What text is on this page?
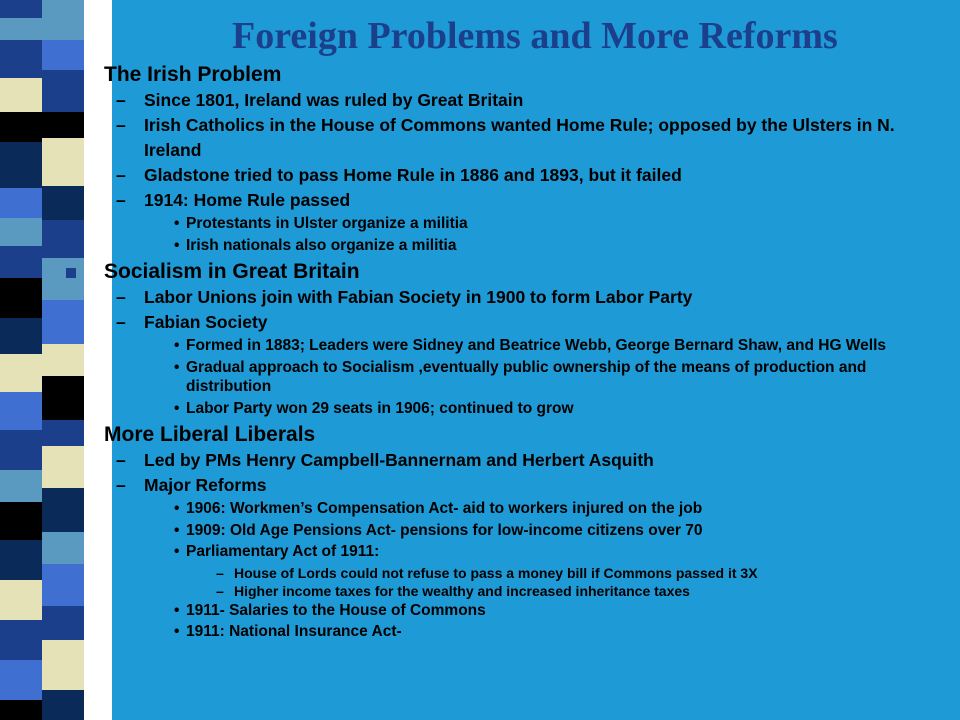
Foreign Problems and More Reforms
The Irish Problem
– Since 1801, Ireland was ruled by Great Britain
– Irish Catholics in the House of Commons wanted Home Rule; opposed by the Ulsters in N. Ireland
– Gladstone tried to pass Home Rule in 1886 and 1893, but it failed
– 1914: Home Rule passed
• Protestants in Ulster organize a militia
• Irish nationals also organize a militia
Socialism in Great Britain
– Labor Unions join with Fabian Society in 1900 to form Labor Party
– Fabian Society
• Formed in 1883; Leaders were Sidney and Beatrice Webb, George Bernard Shaw, and HG Wells
• Gradual approach to Socialism ,eventually public ownership of the means of production and distribution
• Labor Party won 29 seats in 1906; continued to grow
More Liberal Liberals
– Led by PMs Henry Campbell-Bannernam and Herbert Asquith
– Major Reforms
• 1906: Workmen’s Compensation Act- aid to workers injured on the job
• 1909: Old Age Pensions Act- pensions for low-income citizens over 70
• Parliamentary Act of 1911:
– House of Lords could not refuse to pass a money bill if Commons passed it 3X
– Higher income taxes for the wealthy and increased inheritance taxes
• 1911- Salaries to the House of Commons
• 1911: National Insurance Act-
